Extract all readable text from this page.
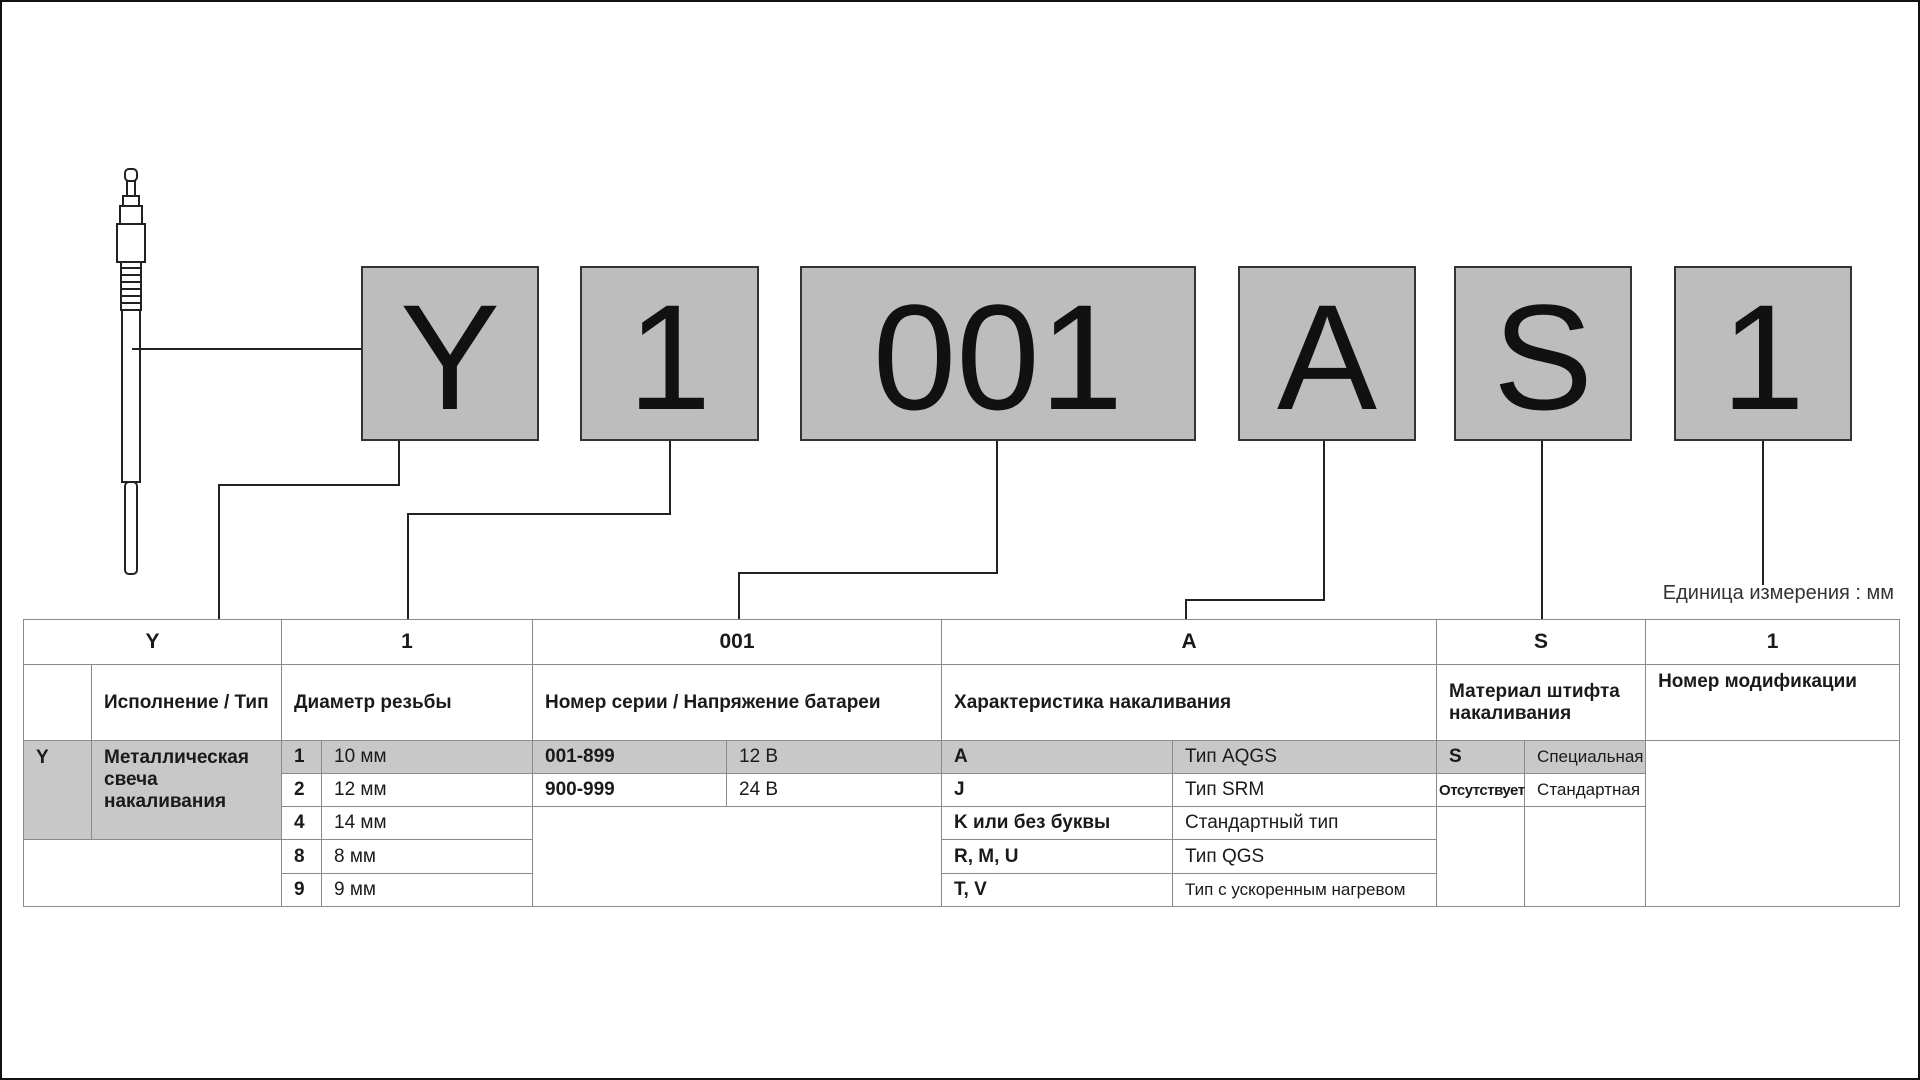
Y 1	001	A S 1
Единица измерения : мм
Y		1		001		A		S		1
	Исполнение / Тип	Диаметр резьбы		Номер серии / Напряжение батареи		Характеристика накаливания		Материал штифта накаливания		Номер модификации
Y	Металлическая свеча накаливания	1	10 мм	001-899	12 В	A	Тип AQGS	S	Специальная	
		2	12 мм	900-999	24 В	J	Тип SRM	Отсутствует	Стандартная	
		4	14 мм			K или без буквы	Стандартный тип			
		8	8 мм			R, M, U	Тип QGS			
		9	9 мм			T, V	Тип с ускоренным нагревом			
